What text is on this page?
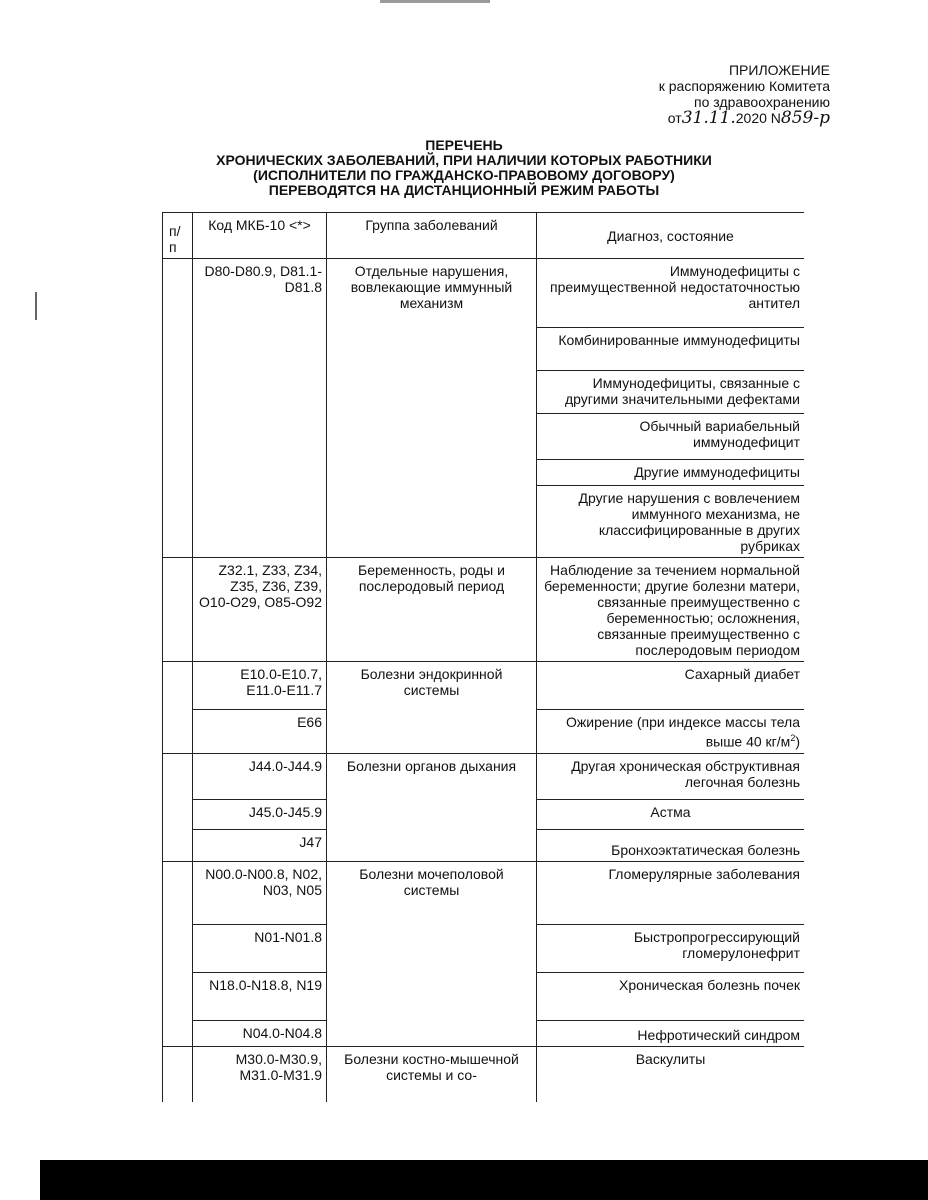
ПРИЛОЖЕНИЕ
к распоряжению Комитета
по здравоохранению
от31.11.2020 N859-р
ПЕРЕЧЕНЬ
ХРОНИЧЕСКИХ ЗАБОЛЕВАНИЙ, ПРИ НАЛИЧИИ КОТОРЫХ РАБОТНИКИ
(ИСПОЛНИТЕЛИ ПО ГРАЖДАНСКО-ПРАВОВОМУ ДОГОВОРУ)
ПЕРЕВОДЯТСЯ НА ДИСТАНЦИОННЫЙ РЕЖИМ РАБОТЫ
п/п	Код МКБ-10 <*>	Группа заболеваний	Диагноз, состояние
	D80-D80.9, D81.1-D81.8	Отдельные нарушения, вовлекающие иммунный механизм	Иммунодефициты с преимущественной недостаточностью антител
			Комбинированные иммунодефициты
			Иммунодефициты, связанные с другими значительными дефектами
			Обычный вариабельный иммунодефицит
			Другие иммунодефициты
			Другие нарушения с вовлечением иммунного механизма, не классифицированные в других рубриках
	Z32.1, Z33, Z34, Z35, Z36, Z39, O10-O29, O85-O92	Беременность, роды и послеродовый период	Наблюдение за течением нормальной беременности; другие болезни матери, связанные преимущественно с беременностью; осложнения, связанные преимущественно с послеродовым периодом
	E10.0-E10.7, E11.0-E11.7	Болезни эндокринной системы	Сахарный диабет
	E66		Ожирение (при индексе массы тела выше 40 $кг/м^2$)
	J44.0-J44.9	Болезни органов дыхания	Другая хроническая обструктивная легочная болезнь
	J45.0-J45.9		Астма
	J47		Бронхоэктатическая болезнь
	N00.0-N00.8, N02, N03, N05	Болезни мочеполовой системы	Гломерулярные заболевания
	N01-N01.8		Быстропрогрессирующий гломерулонефрит
	N18.0-N18.8, N19		Хроническая болезнь почек
	N04.0-N04.8		Нефротический синдром
	M30.0-M30.9, M31.0-M31.9	Болезни костно-мышечной системы и со-	Васкулиты
